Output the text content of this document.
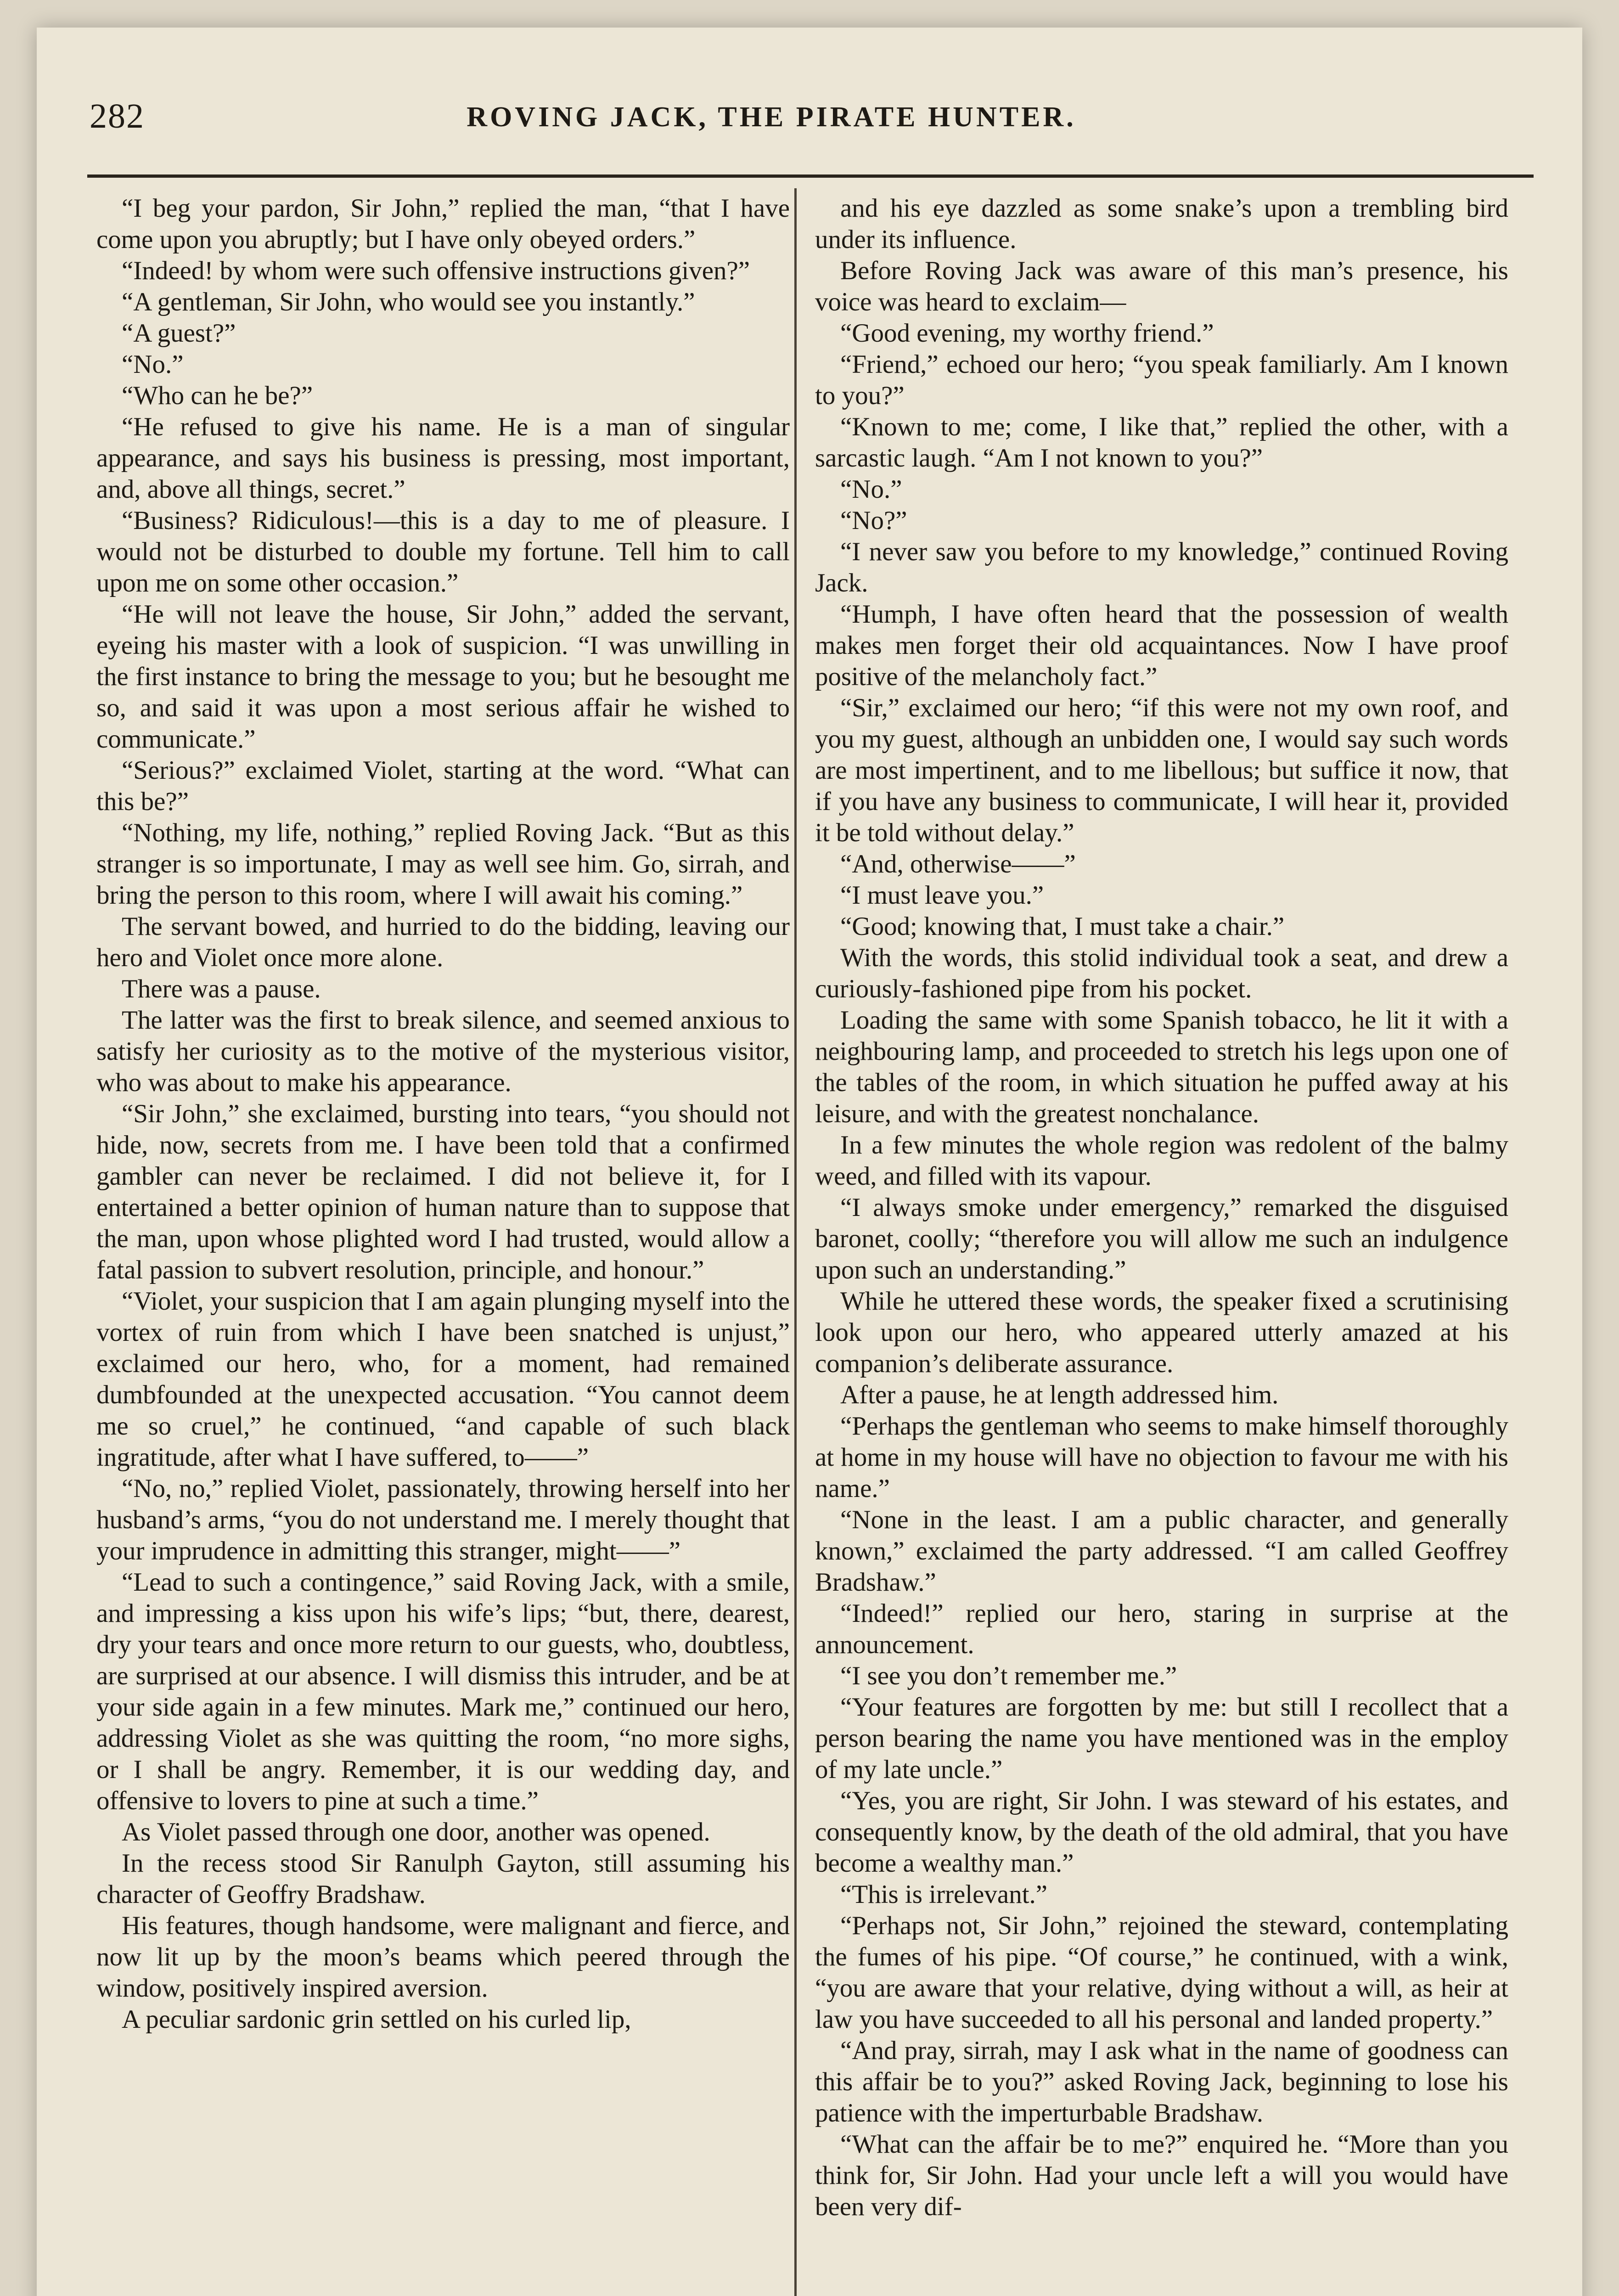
282	ROVING JACK, THE PIRATE HUNTER.

“I beg your pardon, Sir John,” replied the man, “that I have come upon you abruptly; but I have only obeyed orders.”

“Indeed! by whom were such offensive instructions given?”

“A gentleman, Sir John, who would see you instantly.”

“A guest?”

“No.”

“Who can he be?”

“He refused to give his name. He is a man of singular appearance, and says his business is pressing, most important, and, above all things, secret.”

“Business? Ridiculous!—this is a day to me of pleasure. I would not be disturbed to double my fortune. Tell him to call upon me on some other occasion.”

“He will not leave the house, Sir John,” added the servant, eyeing his master with a look of suspicion. “I was unwilling in the first instance to bring the message to you; but he besought me so, and said it was upon a most serious affair he wished to communicate.”

“Serious?” exclaimed Violet, starting at the word. “What can this be?”

“Nothing, my life, nothing,” replied Roving Jack. “But as this stranger is so importunate, I may as well see him. Go, sirrah, and bring the person to this room, where I will await his coming.”

The servant bowed, and hurried to do the bidding, leaving our hero and Violet once more alone.

There was a pause.

The latter was the first to break silence, and seemed anxious to satisfy her curiosity as to the motive of the mysterious visitor, who was about to make his appearance.

“Sir John,” she exclaimed, bursting into tears, “you should not hide, now, secrets from me. I have been told that a confirmed gambler can never be reclaimed. I did not believe it, for I entertained a better opinion of human nature than to suppose that the man, upon whose plighted word I had trusted, would allow a fatal passion to subvert resolution, principle, and honour.”

“Violet, your suspicion that I am again plunging myself into the vortex of ruin from which I have been snatched is unjust,” exclaimed our hero, who, for a moment, had remained dumbfounded at the unexpected accusation. “You cannot deem me so cruel,” he continued, “and capable of such black ingratitude, after what I have suffered, to——”

“No, no,” replied Violet, passionately, throwing herself into her husband’s arms, “you do not understand me. I merely thought that your imprudence in admitting this stranger, might——”

“Lead to such a contingence,” said Roving Jack, with a smile, and impressing a kiss upon his wife’s lips; “but, there, dearest, dry your tears and once more return to our guests, who, doubtless, are surprised at our absence. I will dismiss this intruder, and be at your side again in a few minutes. Mark me,” continued our hero, addressing Violet as she was quitting the room, “no more sighs, or I shall be angry. Remember, it is our wedding day, and offensive to lovers to pine at such a time.”

As Violet passed through one door, another was opened.

In the recess stood Sir Ranulph Gayton, still assuming his character of Geoffry Bradshaw.

His features, though handsome, were malignant and fierce, and now lit up by the moon’s beams which peered through the window, positively inspired aversion.

A peculiar sardonic grin settled on his curled lip,

and his eye dazzled as some snake’s upon a trembling bird under its influence.

Before Roving Jack was aware of this man’s presence, his voice was heard to exclaim—

“Good evening, my worthy friend.”

“Friend,” echoed our hero; “you speak familiarly. Am I known to you?”

“Known to me; come, I like that,” replied the other, with a sarcastic laugh. “Am I not known to you?”

“No.”

“No?”

“I never saw you before to my knowledge,” continued Roving Jack.

“Humph, I have often heard that the possession of wealth makes men forget their old acquaintances. Now I have proof positive of the melancholy fact.”

“Sir,” exclaimed our hero; “if this were not my own roof, and you my guest, although an unbidden one, I would say such words are most impertinent, and to me libellous; but suffice it now, that if you have any business to communicate, I will hear it, provided it be told without delay.”

“And, otherwise——”

“I must leave you.”

“Good; knowing that, I must take a chair.”

With the words, this stolid individual took a seat, and drew a curiously-fashioned pipe from his pocket.

Loading the same with some Spanish tobacco, he lit it with a neighbouring lamp, and proceeded to stretch his legs upon one of the tables of the room, in which situation he puffed away at his leisure, and with the greatest nonchalance.

In a few minutes the whole region was redolent of the balmy weed, and filled with its vapour.

“I always smoke under emergency,” remarked the disguised baronet, coolly; “therefore you will allow me such an indulgence upon such an understanding.”

While he uttered these words, the speaker fixed a scrutinising look upon our hero, who appeared utterly amazed at his companion’s deliberate assurance.

After a pause, he at length addressed him.

“Perhaps the gentleman who seems to make himself thoroughly at home in my house will have no objection to favour me with his name.”

“None in the least. I am a public character, and generally known,” exclaimed the party addressed. “I am called Geoffrey Bradshaw.”

“Indeed!” replied our hero, staring in surprise at the announcement.

“I see you don’t remember me.”

“Your features are forgotten by me: but still I recollect that a person bearing the name you have mentioned was in the employ of my late uncle.”

“Yes, you are right, Sir John. I was steward of his estates, and consequently know, by the death of the old admiral, that you have become a wealthy man.”

“This is irrelevant.”

“Perhaps not, Sir John,” rejoined the steward, contemplating the fumes of his pipe. “Of course,” he continued, with a wink, “you are aware that your relative, dying without a will, as heir at law you have succeeded to all his personal and landed property.”

“And pray, sirrah, may I ask what in the name of goodness can this affair be to you?” asked Roving Jack, beginning to lose his patience with the imperturbable Bradshaw.

“What can the affair be to me?” enquired he. “More than you think for, Sir John. Had your uncle left a will you would have been very dif-
